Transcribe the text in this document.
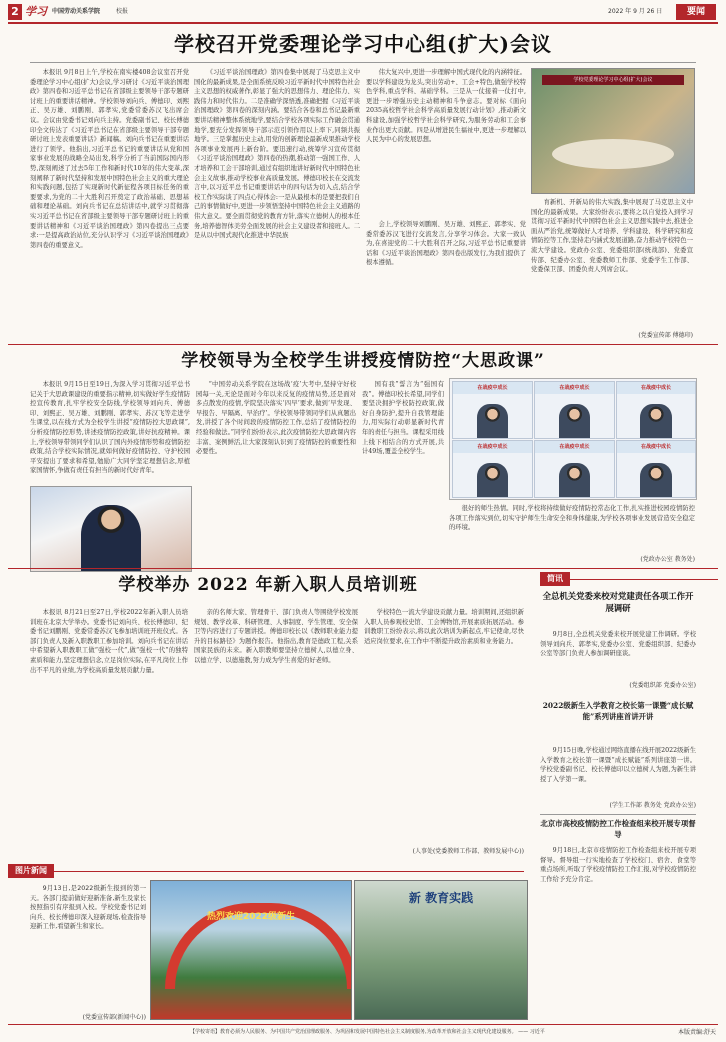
2 学习 中国劳动关系学院	校报	2022 年 9 月 26 日	要闻
学校召开党委理论学习中心组(扩大)会议

本报讯 9月8日上午,学校在南实楼408会议室召开党委理论学习中心组(扩大)会议,学习研讨《习近平谈治国理政》第四卷和习近平总书记在省部级主要领导干部专题研讨班上的重要讲话精神。学校领导刘向兵、傅德印、刘熙正、吴万雄、刘鹏刚、郭孝实,党委常委苏汉飞出席会议。会议由党委书记刘向兵主持。党委副书记、校长傅德印全文传达了《习近平总书记在省部级主要领导干部专题研讨班上发表重要讲话》新闻稿。刘向兵书记在重要讲话进行了领学。他指出,习近平总书记的重要讲话从党和国家事业发展的战略全局出发,科学分析了当前国际国内形势,深刻阐述了过去5年工作和新时代10年的伟大变革,深刻阐释了新时代坚持和发展中国特色社会主义的重大理论和实践问题,包括了实现新时代新征程各项目标任务的重要要求,为党的二十大胜利召开奠定了政治基础、思想基础和理论基础。刘向兵书记在总结讲话中,就学习贯彻落实习近平总书记在省部级主要领导干部专题研讨班上的重要讲话精神和《习近平谈治国理政》第四卷提出三点要求:一是提高政治站位,充分认识学习《习近平谈治国理政》第四卷的重要意义。

《习近平谈治国理政》第四卷集中展现了马克思主义中国化的最新成果,是全面系统反映习近平新时代中国特色社会主义思想的权威著作,彰显了强大的思想伟力、理论伟力、实践伟力和时代伟力。二是准确学深悟透,准确把握《习近平谈治国理政》第四卷的深刻内涵。要结合各卷和总书记最新重要讲话精神整体系统地学,要结合学校各项实际工作融会贯通地学,要充分发挥领导干部示范引领作用以上率下,同频共振地学。三是掌握历史主动,用党的创新理论最新成果推动学校各项事业发展再上新台阶。要迅速行动,统筹学习宣传贯彻《习近平谈治国理政》第四卷的热潮,推动第一强国工作、人才培养和工会干部培训,通过有组织地讲好新时代中国特色社会主义故事,推动学校事业高质量发展。傅德印校长在交流发言中,以习近平总书记重要讲话中的四句话为切入点,结合学校工作实际谈了四点心得体会:一是从最根本的是要把我们自己的事情做好中,更进一步领悟坚持中国特色社会主义道路的伟大意义。要全面贯彻党的教育方针,落实立德树人的根本任务,培养德智体美劳全面发展的社会主义建设者和接班人。二是从以中国式现代化推进中华民族

伟大复兴中,更进一步理解中国式现代化的内涵特征。要以学科建设为龙头,突出劳动+、工会+特色,做强学校特色学科,重点学科、基础学科。三是从一仗接着一仗打中,更进一步增强历史主动精神和斗争意志。要对标《面向2035高校哲学社会科学高质量发展行动计划》,推动新文科建设,加强学校哲学社会科学研究,为服务劳动和工会事业作出更大贡献。四是从增进民生福祉中,更进一步理解以人民为中心的发展思想。

学校党委理论学习中心组(扩大)会议

育新机、开新局的伟大实践,集中展现了马克思主义中国化的最新成果。大家纷纷表示,要将之以自觉投入到学习贯彻习近平新时代中国特色社会主义思想实践中去,推进全面从严治党,统筹做好人才培养、学科建设、科学研究和疫情防控等工作,坚持走内涵式发展道路,奋力推动学校特色一流大学建设。党政办公室、党委组织部(统战部)、党委宣传部、纪委办公室、党委教师工作部、党委学生工作部、党委保卫部、团委负责人列席会议。

会上,学校领导刘鹏刚、吴万雄、刘熙正、郭孝实、党委常委苏汉飞进行交流发言,分享学习体会。大家一致认为,在喜迎党的二十大胜利召开之际,习近平总书记重要讲话和《习近平谈治国理政》第四卷出版发行,为我们提供了根本遵循。

(党委宣传部 傅德印)
学校领导为全校学生讲授疫情防控“大思政课”

本报讯 9月15日至19日,为深入学习贯彻习近平总书记关于大思政课建设的重要指示精神,切实做好学生疫情防控宣传教育,扎牢学校安全防线,学校领导刘向兵、傅德印、刘熙正、吴万雄、刘鹏刚、郭孝实、苏汉飞等走进学生课堂,以在线方式为全校学生讲授“疫情防控大思政课”,分析疫情防控形势,讲述疫情防控政策,讲好抗疫精神。课上,学校领导带领同学们认识了国内外疫情形势和疫情防控政策,结合学校实际情况,就如何做好疫情防控、守护校园平安提出了要求和希望,勉励广大同学坚定理想信念,厚植家国情怀,争做有责任有担当的新时代好青年。

“中国劳动关系学院在这场战‘疫’大考中,坚持守好校园每一关,无论是面对今年以来反复的疫情局势,还是面对多点散发的疫情,学院坚决落实‘四早’要求,做到‘早发现、早报告、早隔离、早治疗’。学校领导带领同学们从真题出发,讲授了各个时间段的疫情防控工作,总结了疫情防控的经验和做法。”同学们纷纷表示,此次疫情防控大思政课内容丰富、案例鲜活,让大家深刻认识到了疫情防控的重要性和必要性。

国有我”誓言为“强国有我”。傅德印校长希望,同学们要坚决拥护学校防控政策,做好自身防护,提升自我管理能力,用实际行动彰显新时代青年的责任与担当。课程采用线上线下相结合的方式开展,共计49场,覆盖全校学生。

在战疫中成长	在战疫中成长	在战疫中成长
在战疫中成长	在战疫中成长	在战疫中成长

很好的师生热情。同时,学校将持续做好疫情防控常态化工作,扎实推进校园疫情防控各项工作落实到位,切实守护师生生命安全和身体健康,为学校各项事业发展营造安全稳定的环境。

(党政办公室 教务处)
学校举办 2022 年新入职人员培训班

本报讯 8月21日至27日,学校2022年新入职人员培训班在北京大学举办。党委书记刘向兵、校长傅德印、纪委书记刘鹏刚、党委常委苏汉飞参加培训班开班仪式。各部门负责人及新入职教职工参加培训。刘向兵书记在讲话中希望新入职教职工做“强校一代”,做“强校一代”的独特素质和能力,坚定理想信念,立足岗位实际,在平凡岗位上作出不平凡的业绩,为学校高质量发展贡献力量。

亲的名师大家、管理骨干、部门负责人等围绕学校发展规划、教学改革、科研管理、人事制度、学生管理、安全保卫等内容进行了专题讲授。傅德印校长以《教师职业能力提升的目标路径》为题作报告。他指出,教育是德政工程,关系国家民族的未来。新入职教师要坚持立德树人,以德立身、以德立学、以德施教,努力成为学生喜爱的好老师。

学校特色一流大学建设贡献力量。培训期间,还组织新入职人员参观校史馆、工会博物馆,开展素质拓展活动。参训教职工纷纷表示,将以此次培训为新起点,牢记使命,尽快适应岗位要求,在工作中不断提升政治素质和业务能力。

(人事处(党委教师工作部、教师发展中心))
图片新闻

9月13日,是2022级新生报到的第一天。各部门提前做好迎新准备,新生及家长按照指引有序报到入校。学校党委书记刘向兵、校长傅德印深入迎新现场,检查指导迎新工作,看望新生和家长。

(党委宣传部(新闻中心))
热烈欢迎2022级新生
新 教育实践
简讯
全总机关党委来校对党建责任各项工作开展调研

9月8日,全总机关党委来校开展党建工作调研。学校领导刘向兵、郭孝实,党委办公室、党委组织部、纪委办公室等部门负责人参加调研座谈。

(党委组织部 党委办公室)
2022级新生入学教育之校长第一课暨“成长赋能”系列讲座首讲开讲

9月15日晚,学校通过网络直播在线开展2022级新生入学教育之校长第一课暨“成长赋能”系列讲座第一讲。学校党委副书记、校长傅德印以立德树人为题,为新生讲授了入学第一课。

(学生工作部 教务处 党政办公室)
北京市高校疫情防控工作检查组来校开展专项督导

9月18日,北京市疫情防控工作检查组来校开展专项督导。督导组一行实地检查了学校校门、宿舍、食堂等重点场所,听取了学校疫情防控工作汇报,对学校疫情防控工作给予充分肯定。

【学校寄语】教育必须为人民服务、为中国共产党治国理政服务、为巩固和发展中国特色社会主义制度服务,为改革开放和社会主义现代化建设服务。 —— 习近平	本版责编:舒天
